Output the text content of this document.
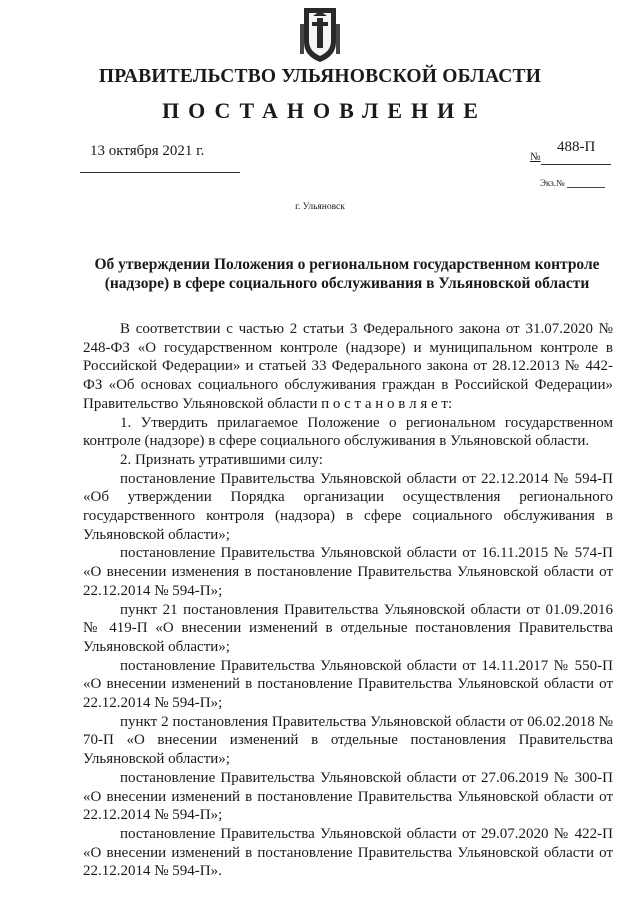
ПРАВИТЕЛЬСТВО УЛЬЯНОВСКОЙ ОБЛАСТИ
ПОСТАНОВЛЕНИЕ
13 октября 2021 г.	№
488-П
Экз.№
г. Ульяновск
Об утверждении Положения о региональном государственном контроле (надзоре) в сфере социального обслуживания в Ульяновской области

В соответствии с частью 2 статьи 3 Федерального закона от 31.07.2020 № 248-ФЗ «О государственном контроле (надзоре) и муниципальном контроле в Российской Федерации» и статьей 33 Федерального закона от 28.12.2013 № 442-ФЗ «Об основах социального обслуживания граждан в Российской Федерации» Правительство Ульяновской области п о с т а н о в л я е т:

1. Утвердить прилагаемое Положение о региональном государственном контроле (надзоре) в сфере социального обслуживания в Ульяновской области.

2. Признать утратившими силу:

постановление Правительства Ульяновской области от 22.12.2014 № 594-П «Об утверждении Порядка организации осуществления регионального государственного контроля (надзора) в сфере социального обслуживания в Ульяновской области»;

постановление Правительства Ульяновской области от 16.11.2015 № 574-П «О внесении изменения в постановление Правительства Ульяновской области от 22.12.2014 № 594-П»;

пункт 21 постановления Правительства Ульяновской области от 01.09.2016 № 419-П «О внесении изменений в отдельные постановления Правительства Ульяновской области»;

постановление Правительства Ульяновской области от 14.11.2017 № 550-П «О внесении изменений в постановление Правительства Ульяновской области от 22.12.2014 № 594-П»;

пункт 2 постановления Правительства Ульяновской области от 06.02.2018 № 70-П «О внесении изменений в отдельные постановления Правительства Ульяновской области»;

постановление Правительства Ульяновской области от 27.06.2019 № 300-П «О внесении изменений в постановление Правительства Ульяновской области от 22.12.2014 № 594-П»;

постановление Правительства Ульяновской области от 29.07.2020 № 422-П «О внесении изменений в постановление Правительства Ульяновской области от 22.12.2014 № 594-П».
